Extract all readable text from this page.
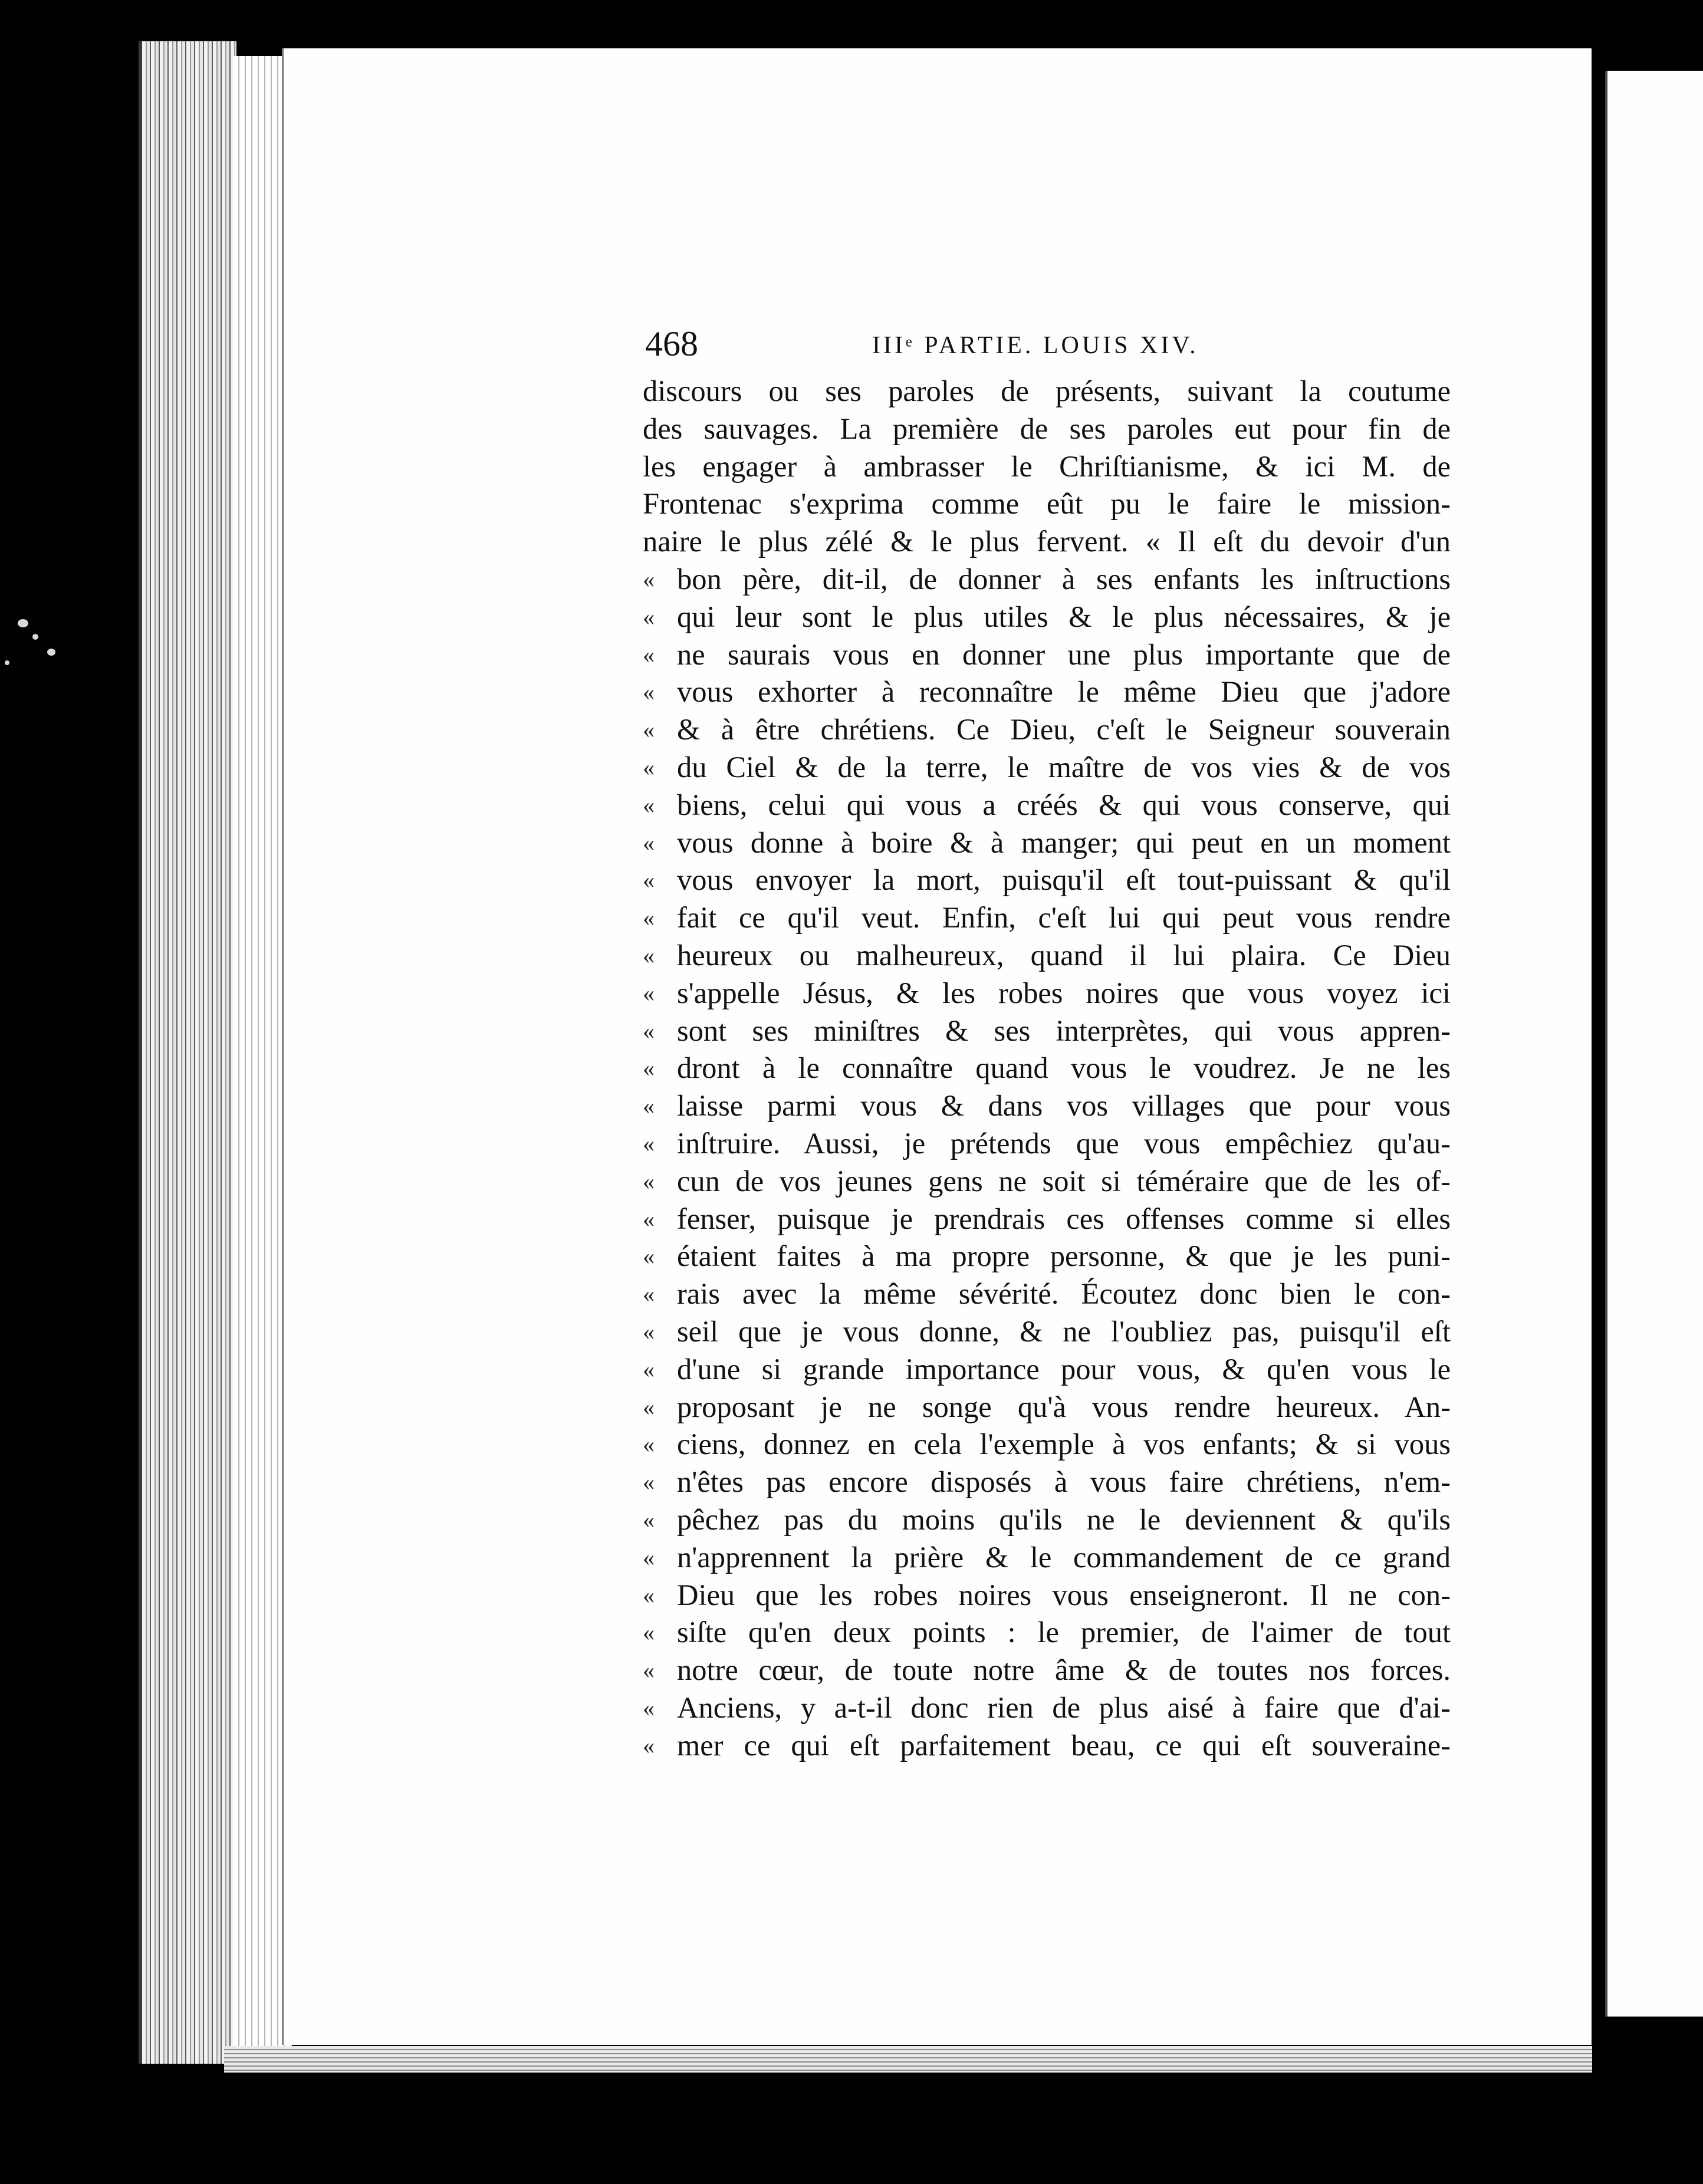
468	IIIᵉ PARTIE. LOUIS XIV.
discours ou ses paroles de présents, suivant la coutume
des sauvages. La première de ses paroles eut pour fin de
les engager à ambrasser le Chriſtianisme, & ici M. de
Frontenac s'exprima comme eût pu le faire le mission-
naire le plus zélé & le plus fervent. « Il eſt du devoir d'un
« bon père, dit-il, de donner à ses enfants les inſtructions
« qui leur sont le plus utiles & le plus nécessaires, & je
« ne saurais vous en donner une plus importante que de
« vous exhorter à reconnaître le même Dieu que j'adore
« & à être chrétiens. Ce Dieu, c'eſt le Seigneur souverain
« du Ciel & de la terre, le maître de vos vies & de vos
« biens, celui qui vous a créés & qui vous conserve, qui
« vous donne à boire & à manger; qui peut en un moment
« vous envoyer la mort, puisqu'il eſt tout-puissant & qu'il
« fait ce qu'il veut. Enfin, c'eſt lui qui peut vous rendre
« heureux ou malheureux, quand il lui plaira. Ce Dieu
« s'appelle Jésus, & les robes noires que vous voyez ici
« sont ses miniſtres & ses interprètes, qui vous appren-
« dront à le connaître quand vous le voudrez. Je ne les
« laisse parmi vous & dans vos villages que pour vous
« inſtruire. Aussi, je prétends que vous empêchiez qu'au-
« cun de vos jeunes gens ne soit si téméraire que de les of-
« fenser, puisque je prendrais ces offenses comme si elles
« étaient faites à ma propre personne, & que je les puni-
« rais avec la même sévérité. Écoutez donc bien le con-
« seil que je vous donne, & ne l'oubliez pas, puisqu'il eſt
« d'une si grande importance pour vous, & qu'en vous le
« proposant je ne songe qu'à vous rendre heureux. An-
« ciens, donnez en cela l'exemple à vos enfants; & si vous
« n'êtes pas encore disposés à vous faire chrétiens, n'em-
« pêchez pas du moins qu'ils ne le deviennent & qu'ils
« n'apprennent la prière & le commandement de ce grand
« Dieu que les robes noires vous enseigneront. Il ne con-
« siſte qu'en deux points : le premier, de l'aimer de tout
« notre cœur, de toute notre âme & de toutes nos forces.
« Anciens, y a-t-il donc rien de plus aisé à faire que d'ai-
« mer ce qui eſt parfaitement beau, ce qui eſt souveraine-
